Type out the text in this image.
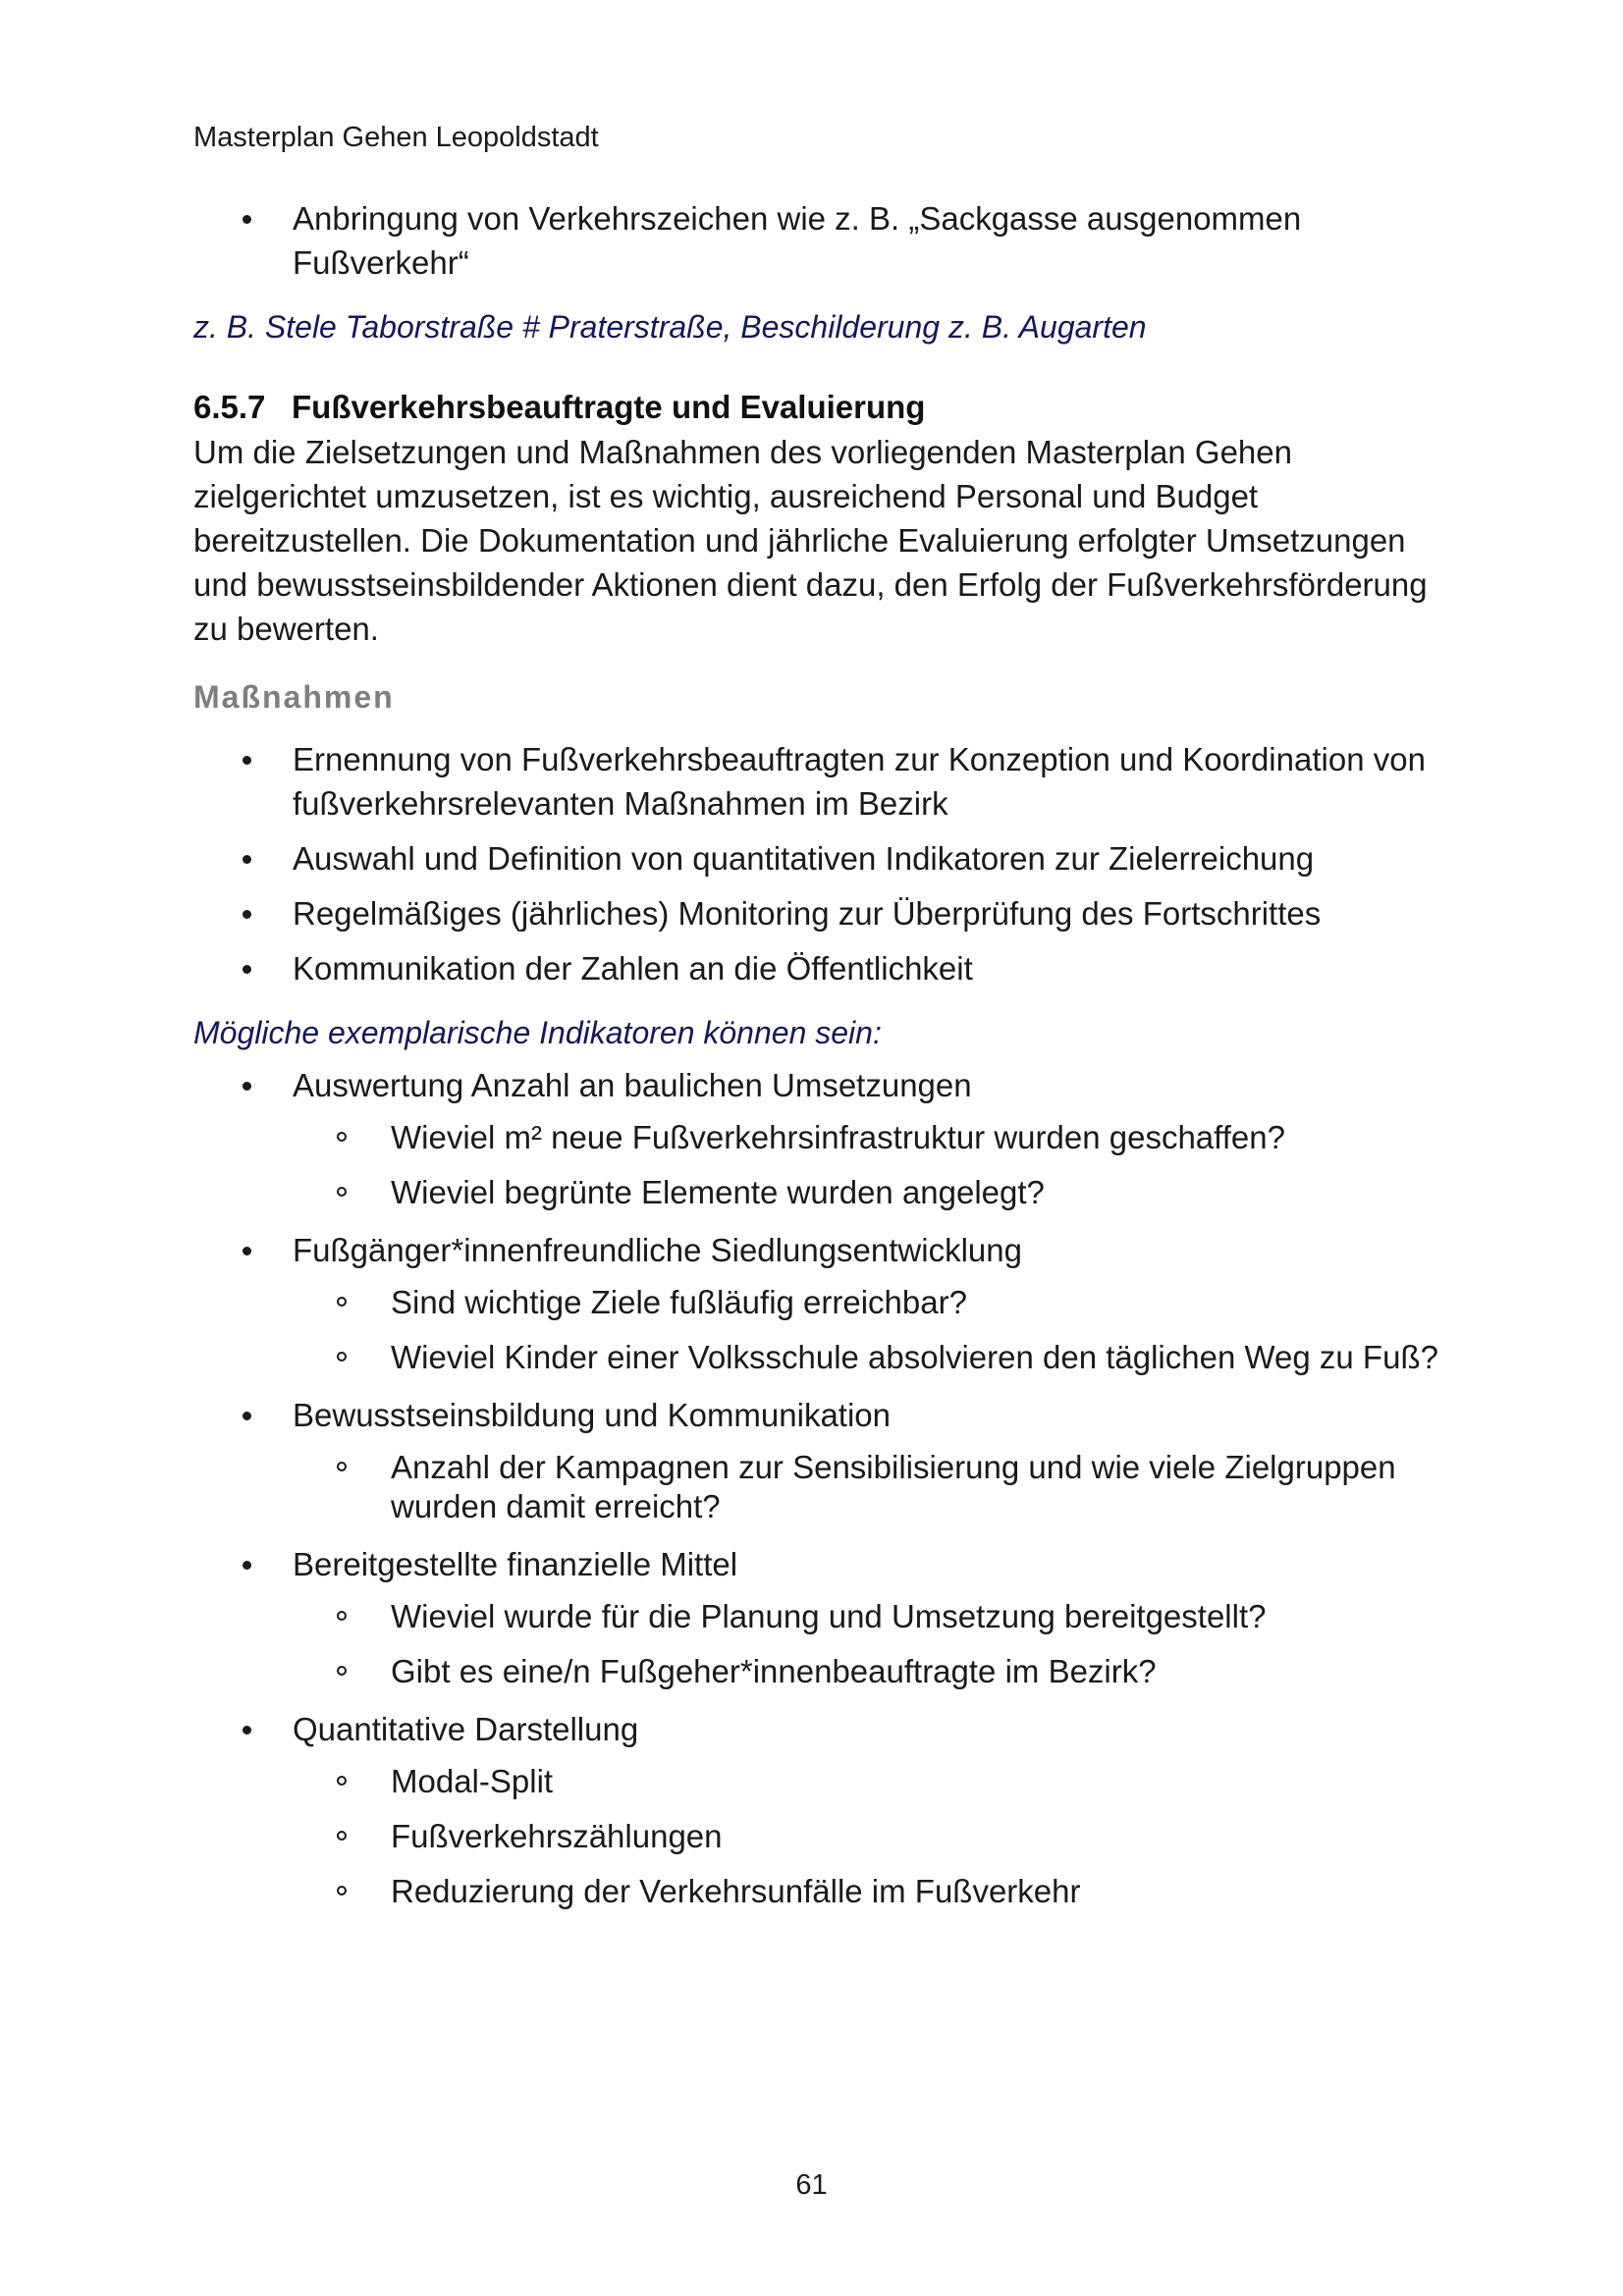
Masterplan Gehen Leopoldstadt
Anbringung von Verkehrszeichen wie z. B. „Sackgasse ausgenommen Fußverkehr“
z. B. Stele Taborstraße # Praterstraße, Beschilderung z. B. Augarten
6.5.7 Fußverkehrsbeauftragte und Evaluierung

Um die Zielsetzungen und Maßnahmen des vorliegenden Masterplan Gehen zielgerichtet umzusetzen, ist es wichtig, ausreichend Personal und Budget bereitzustellen. Die Dokumentation und jährliche Evaluierung erfolgter Umsetzungen und bewusstseinsbildender Aktionen dient dazu, den Erfolg der Fußverkehrsförderung zu bewerten.

Maßnahmen
Ernennung von Fußverkehrsbeauftragten zur Konzeption und Koordination von fußverkehrsrelevanten Maßnahmen im Bezirk
Auswahl und Definition von quantitativen Indikatoren zur Zielerreichung
Regelmäßiges (jährliches) Monitoring zur Überprüfung des Fortschrittes
Kommunikation der Zahlen an die Öffentlichkeit
Mögliche exemplarische Indikatoren können sein:
Auswertung Anzahl an baulichen Umsetzungen
Wieviel m² neue Fußverkehrsinfrastruktur wurden geschaffen?
Wieviel begrünte Elemente wurden angelegt?
Fußgänger*innenfreundliche Siedlungsentwicklung
Sind wichtige Ziele fußläufig erreichbar?
Wieviel Kinder einer Volksschule absolvieren den täglichen Weg zu Fuß?
Bewusstseinsbildung und Kommunikation
Anzahl der Kampagnen zur Sensibilisierung und wie viele Zielgruppen wurden damit erreicht?
Bereitgestellte finanzielle Mittel
Wieviel wurde für die Planung und Umsetzung bereitgestellt?
Gibt es eine/n Fußgeher*innenbeauftragte im Bezirk?
Quantitative Darstellung
Modal-Split
Fußverkehrszählungen
Reduzierung der Verkehrsunfälle im Fußverkehr
61
